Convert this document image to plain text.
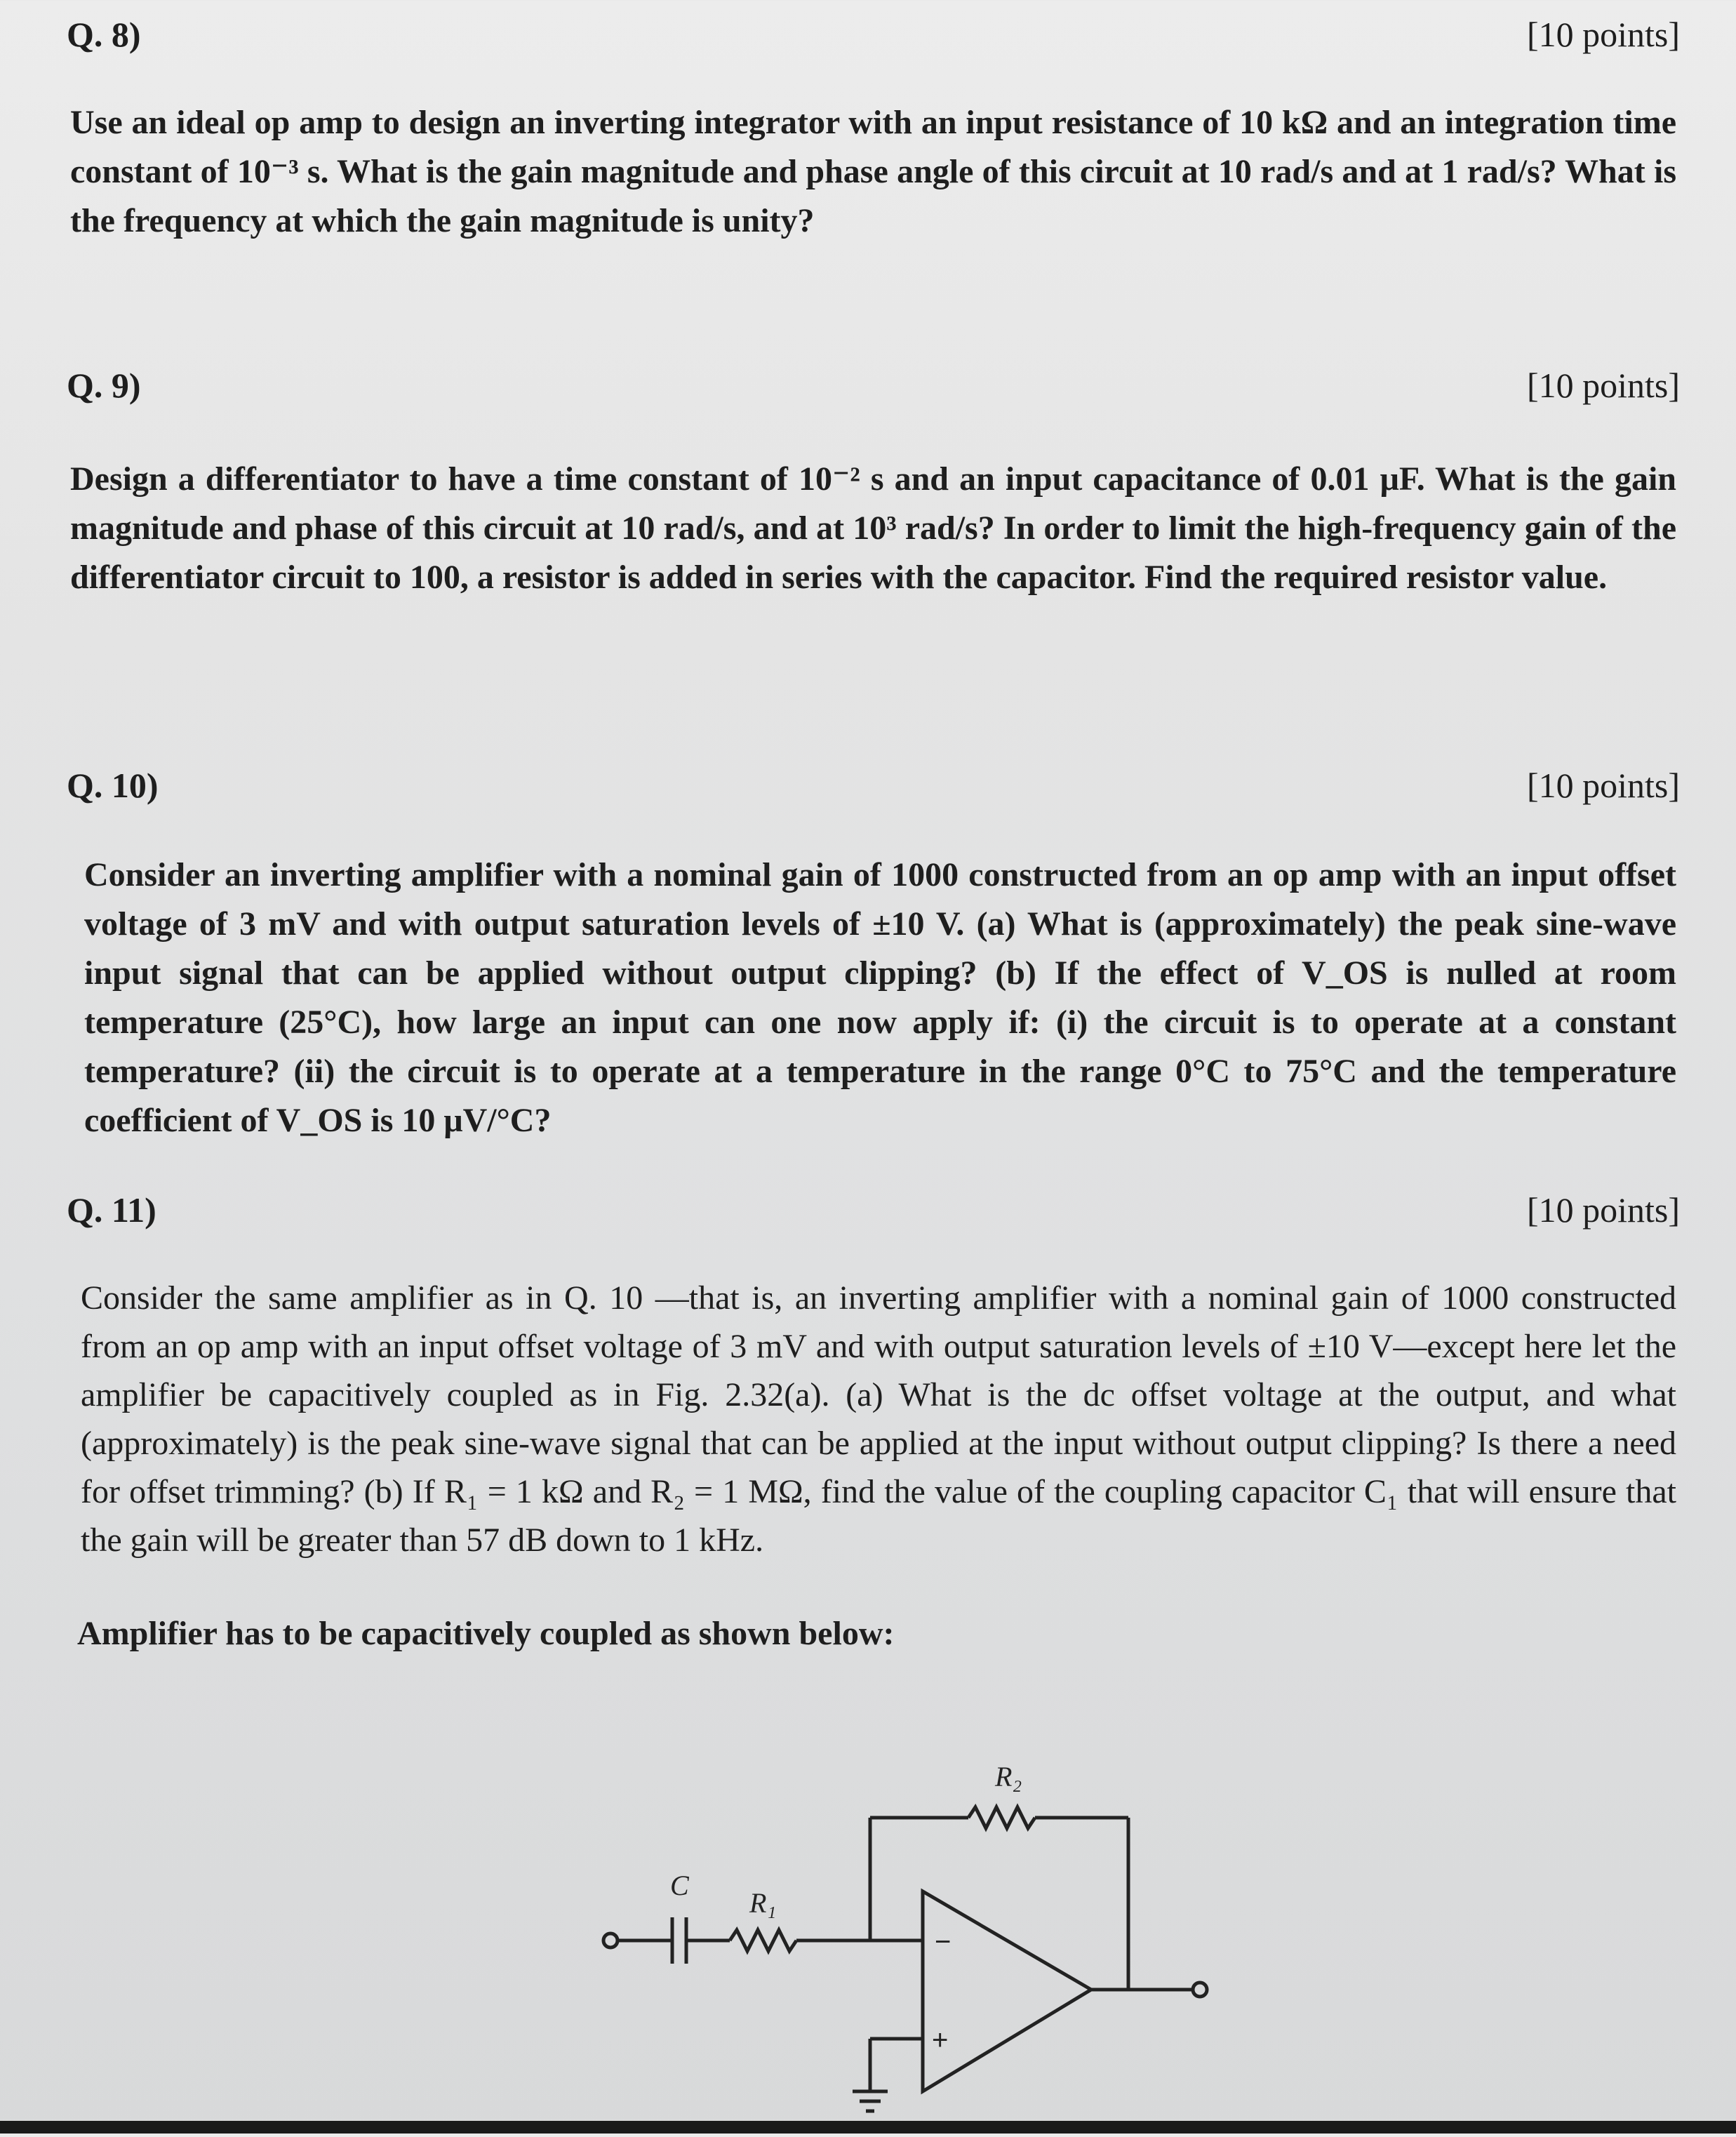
Q. 8)	[10 points]

Use an ideal op amp to design an inverting integrator with an input resistance of 10 kΩ and an integration time constant of 10⁻³ s. What is the gain magnitude and phase angle of this circuit at 10 rad/s and at 1 rad/s? What is the frequency at which the gain magnitude is unity?

Q. 9)	[10 points]

Design a differentiator to have a time constant of 10⁻² s and an input capacitance of 0.01 μF. What is the gain magnitude and phase of this circuit at 10 rad/s, and at 10³ rad/s? In order to limit the high-frequency gain of the differentiator circuit to 100, a resistor is added in series with the capacitor. Find the required resistor value.

Q. 10)	[10 points]

Consider an inverting amplifier with a nominal gain of 1000 constructed from an op amp with an input offset voltage of 3 mV and with output saturation levels of ±10 V. (a) What is (approximately) the peak sine-wave input signal that can be applied without output clipping? (b) If the effect of V_OS is nulled at room temperature (25°C), how large an input can one now apply if: (i) the circuit is to operate at a constant temperature? (ii) the circuit is to operate at a temperature in the range 0°C to 75°C and the temperature coefficient of V_OS is 10 μV/°C?

Q. 11)	[10 points]

Consider the same amplifier as in Q. 10 —that is, an inverting amplifier with a nominal gain of 1000 constructed from an op amp with an input offset voltage of 3 mV and with output saturation levels of ±10 V—except here let the amplifier be capacitively coupled as in Fig. 2.32(a). (a) What is the dc offset voltage at the output, and what (approximately) is the peak sine-wave signal that can be applied at the input without output clipping? Is there a need for offset trimming? (b) If R₁ = 1 kΩ and R₂ = 1 MΩ, find the value of the coupling capacitor C₁ that will ensure that the gain will be greater than 57 dB down to 1 kHz.

Amplifier has to be capacitively coupled as shown below:
R₂
C
R₁
−
+
